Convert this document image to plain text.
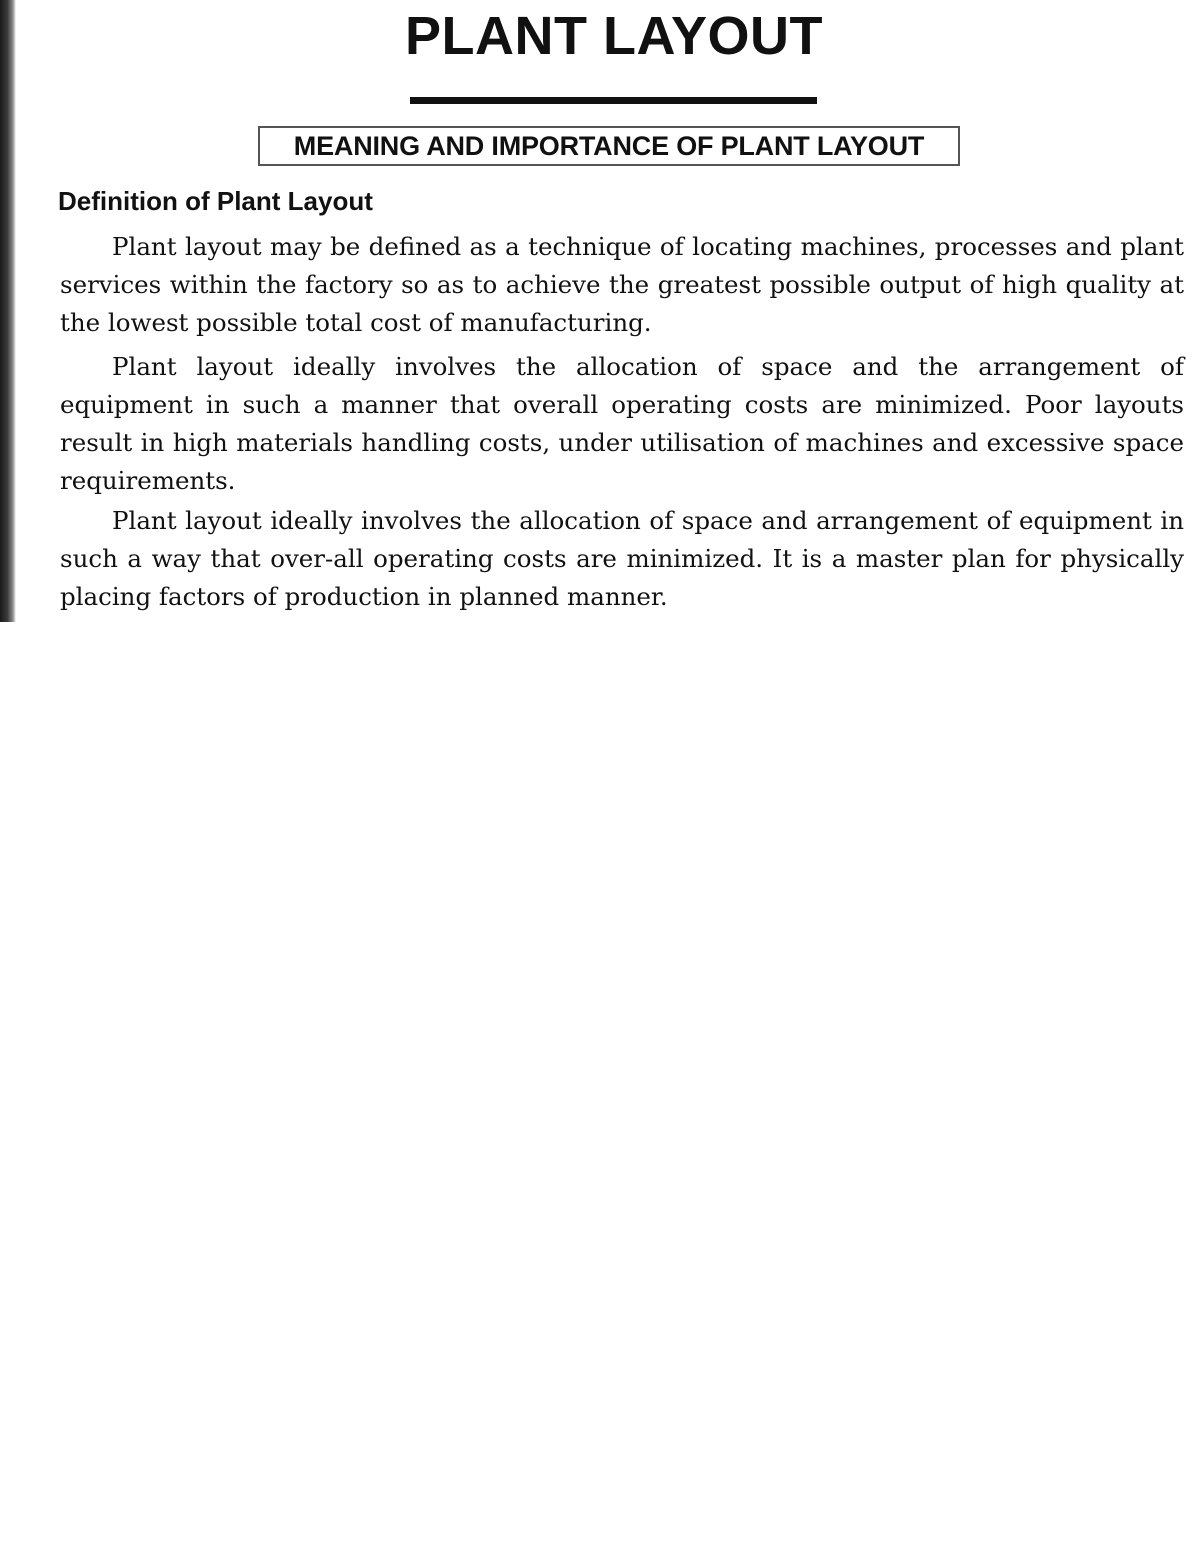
PLANT LAYOUT
MEANING AND IMPORTANCE OF PLANT LAYOUT
Definition of Plant Layout

Plant layout may be defined as a technique of locating machines, processes and plant services within the factory so as to achieve the greatest possible output of high quality at the lowest possible total cost of manufacturing.

Plant layout ideally involves the allocation of space and the arrangement of equipment in such a manner that overall operating costs are minimized. Poor layouts result in high materials handling costs, under utilisation of machines and excessive space requirements.

Plant layout ideally involves the allocation of space and arrangement of equipment in such a way that over-all operating costs are minimized. It is a master plan for physically placing factors of production in planned manner.
